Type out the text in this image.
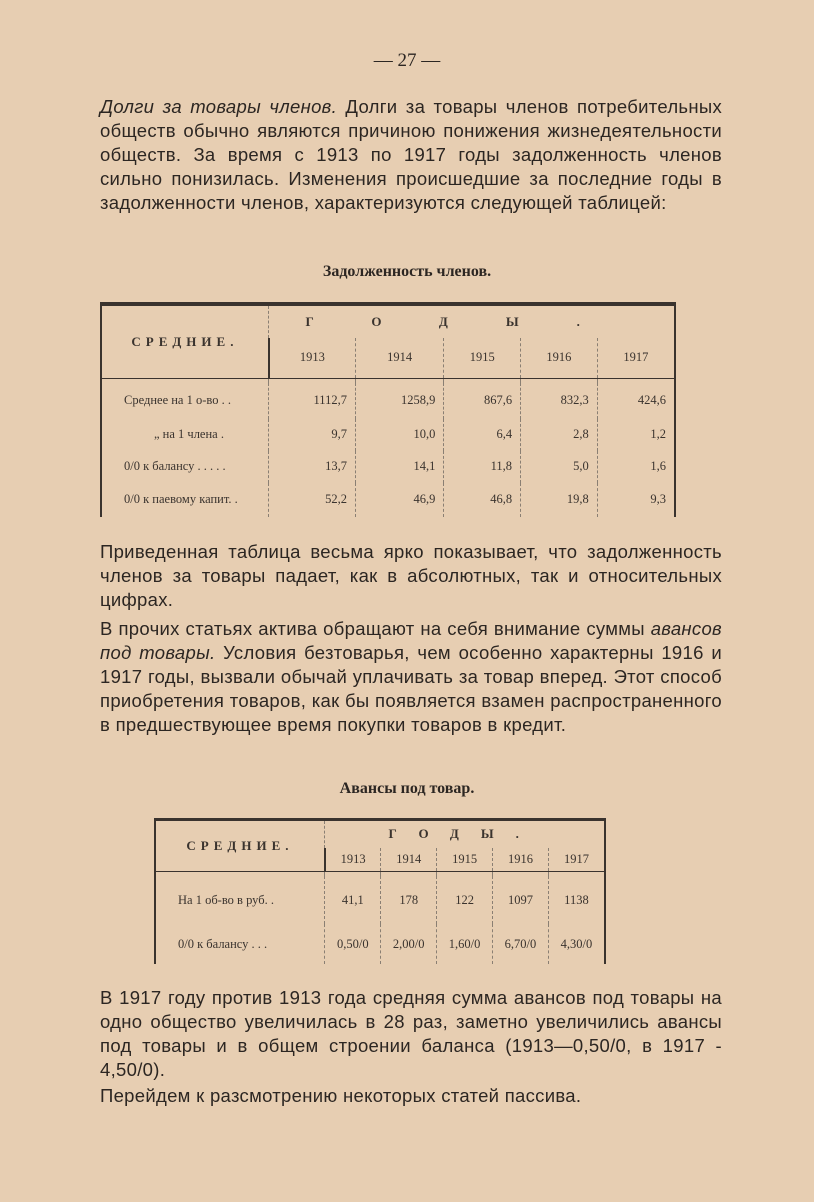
— 27 —
Долги за товары членов. Долги за товары членов потребительных обществ обычно являются причиною понижения жизнедеятельности обществ. За время с 1913 по 1917 годы задолженность членов сильно понизилась. Изменения происшедшие за последние годы в задолженности членов, характеризуются следующей таблицей:
Задолженность членов.
СРЕДНИЕ.	ГОДЫ.				
	1913	1914	1915	1916	1917

Среднее на 1 о-во . .	1112,7	1258,9	867,6	832,3	424,6
„ на 1 члена .	9,7	10,0	6,4	2,8	1,2
0/0 к балансу . . . . .	13,7	14,1	11,8	5,0	1,6
0/0 к паевому капит. .	52,2	46,9	46,8	19,8	9,3
Приведенная таблица весьма ярко показывает, что задолженность членов за товары падает, как в абсолютных, так и относительных цифрах.
В прочих статьях актива обращают на себя внимание суммы авансов под товары. Условия безтоварья, чем особенно характерны 1916 и 1917 годы, вызвали обычай уплачивать за товар вперед. Этот способ приобретения товаров, как бы появляется взамен распространенного в предшествующее время покупки товаров в кредит.
Авансы под товар.
СРЕДНИЕ.	ГОДЫ.				
	1913	1914	1915	1916	1917

На 1 об-во в руб. .	41,1	178	122	1097	1138
0/0 к балансу . . .	0,50/0	2,00/0	1,60/0	6,70/0	4,30/0
В 1917 году против 1913 года средняя сумма авансов под товары на одно общество увеличилась в 28 раз, заметно увеличились авансы под товары и в общем строении баланса (1913—0,50/0, в 1917 - 4,50/0).
Перейдем к разсмотрению некоторых статей пассива.
